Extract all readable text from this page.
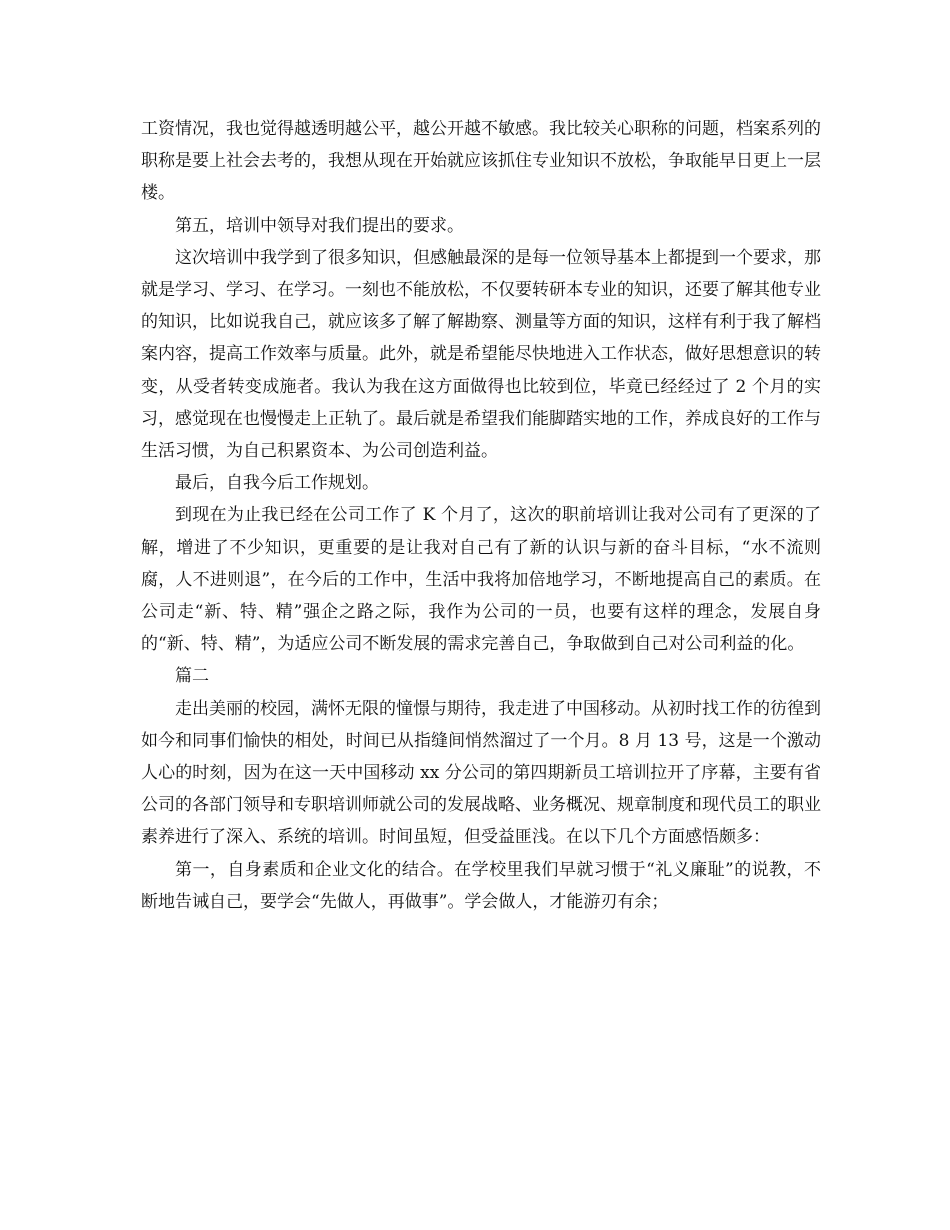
工资情况，我也觉得越透明越公平，越公开越不敏感。我比较关心职称的问题，档案系列的职称是要上社会去考的，我想从现在开始就应该抓住专业知识不放松，争取能早日更上一层楼。

第五，培训中领导对我们提出的要求。

这次培训中我学到了很多知识，但感触最深的是每一位领导基本上都提到一个要求，那就是学习、学习、在学习。一刻也不能放松，不仅要转研本专业的知识，还要了解其他专业的知识，比如说我自己，就应该多了解了解勘察、测量等方面的知识，这样有利于我了解档案内容，提高工作效率与质量。此外，就是希望能尽快地进入工作状态，做好思想意识的转变，从受者转变成施者。我认为我在这方面做得也比较到位，毕竟已经经过了 2 个月的实习，感觉现在也慢慢走上正轨了。最后就是希望我们能脚踏实地的工作，养成良好的工作与生活习惯，为自己积累资本、为公司创造利益。

最后，自我今后工作规划。

到现在为止我已经在公司工作了 K 个月了，这次的职前培训让我对公司有了更深的了解，增进了不少知识，更重要的是让我对自己有了新的认识与新的奋斗目标，“水不流则腐，人不进则退”，在今后的工作中，生活中我将加倍地学习，不断地提高自己的素质。在公司走“新、特、精”强企之路之际，我作为公司的一员，也要有这样的理念，发展自身的“新、特、精”，为适应公司不断发展的需求完善自己，争取做到自己对公司利益的化。

篇二

走出美丽的校园，满怀无限的憧憬与期待，我走进了中国移动。从初时找工作的彷徨到如今和同事们愉快的相处，时间已从指缝间悄然溜过了一个月。8 月 13 号，这是一个激动人心的时刻，因为在这一天中国移动 xx 分公司的第四期新员工培训拉开了序幕，主要有省公司的各部门领导和专职培训师就公司的发展战略、业务概况、规章制度和现代员工的职业素养进行了深入、系统的培训。时间虽短，但受益匪浅。在以下几个方面感悟颇多：

第一，自身素质和企业文化的结合。在学校里我们早就习惯于“礼义廉耻”的说教，不断地告诫自己，要学会“先做人，再做事”。学会做人，才能游刃有余；
